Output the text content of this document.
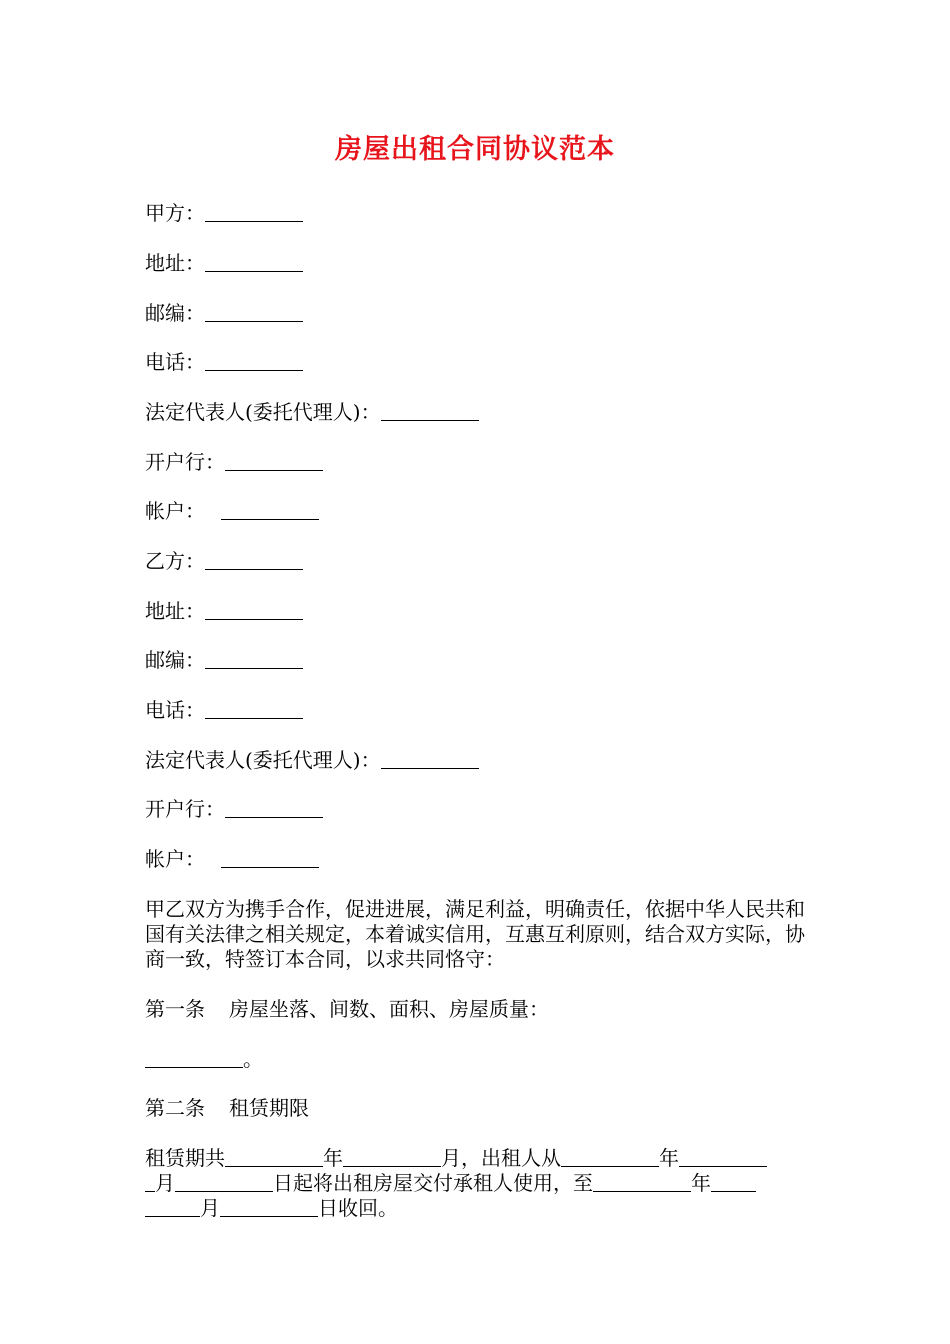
房屋出租合同协议范本
甲方：
地址：
邮编：
电话：
法定代表人(委托代理人)：
开户行：
帐户：
乙方：
地址：
邮编：
电话：
法定代表人(委托代理人)：
开户行：
帐户：
甲乙双方为携手合作，促进进展，满足利益，明确责任，依据中华人民共和国有关法律之相关规定，本着诚实信用，互惠互利原则，结合双方实际，协商一致，特签订本合同，以求共同恪守：
第一条 房屋坐落、间数、面积、房屋质量：
。
第二条 租赁期限
租赁期共	年	月，出租人从	年
月	日起将出租房屋交付承租人使用，至	年
月	日收回。
